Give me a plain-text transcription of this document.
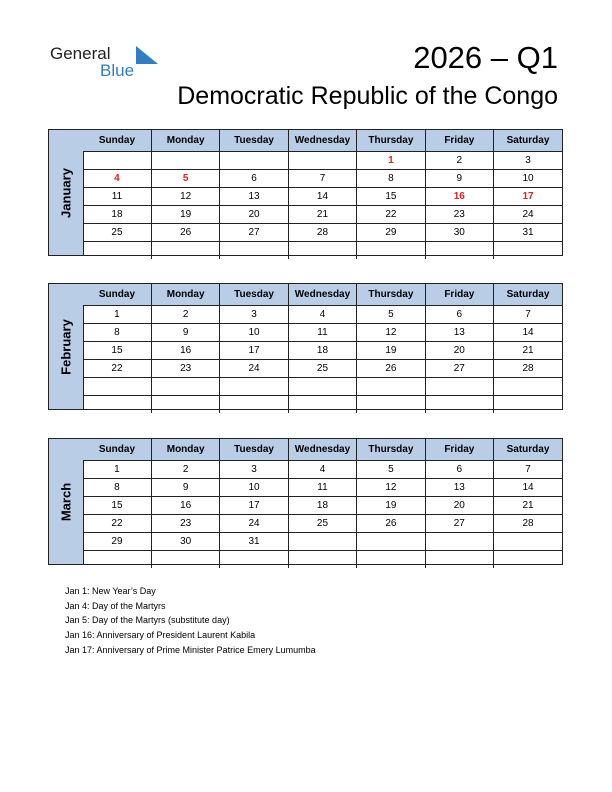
General
Blue	2026 – Q1
Democratic Republic of the Congo
January
Sunday	Monday	Tuesday	Wednesday	Thursday	Friday	Saturday
				1	2	3
4	5	6	7	8	9	10
11	12	13	14	15	16	17
18	19	20	21	22	23	24
25	26	27	28	29	30	31

February
Sunday	Monday	Tuesday	Wednesday	Thursday	Friday	Saturday
1	2	3	4	5	6	7
8	9	10	11	12	13	14
15	16	17	18	19	20	21
22	23	24	25	26	27	28

March
Sunday	Monday	Tuesday	Wednesday	Thursday	Friday	Saturday
1	2	3	4	5	6	7
8	9	10	11	12	13	14
15	16	17	18	19	20	21
22	23	24	25	26	27	28
29	30	31				

Jan 1: New Year’s Day
Jan 4: Day of the Martyrs
Jan 5: Day of the Martyrs (substitute day)
Jan 16: Anniversary of President Laurent Kabila
Jan 17: Anniversary of Prime Minister Patrice Emery Lumumba
